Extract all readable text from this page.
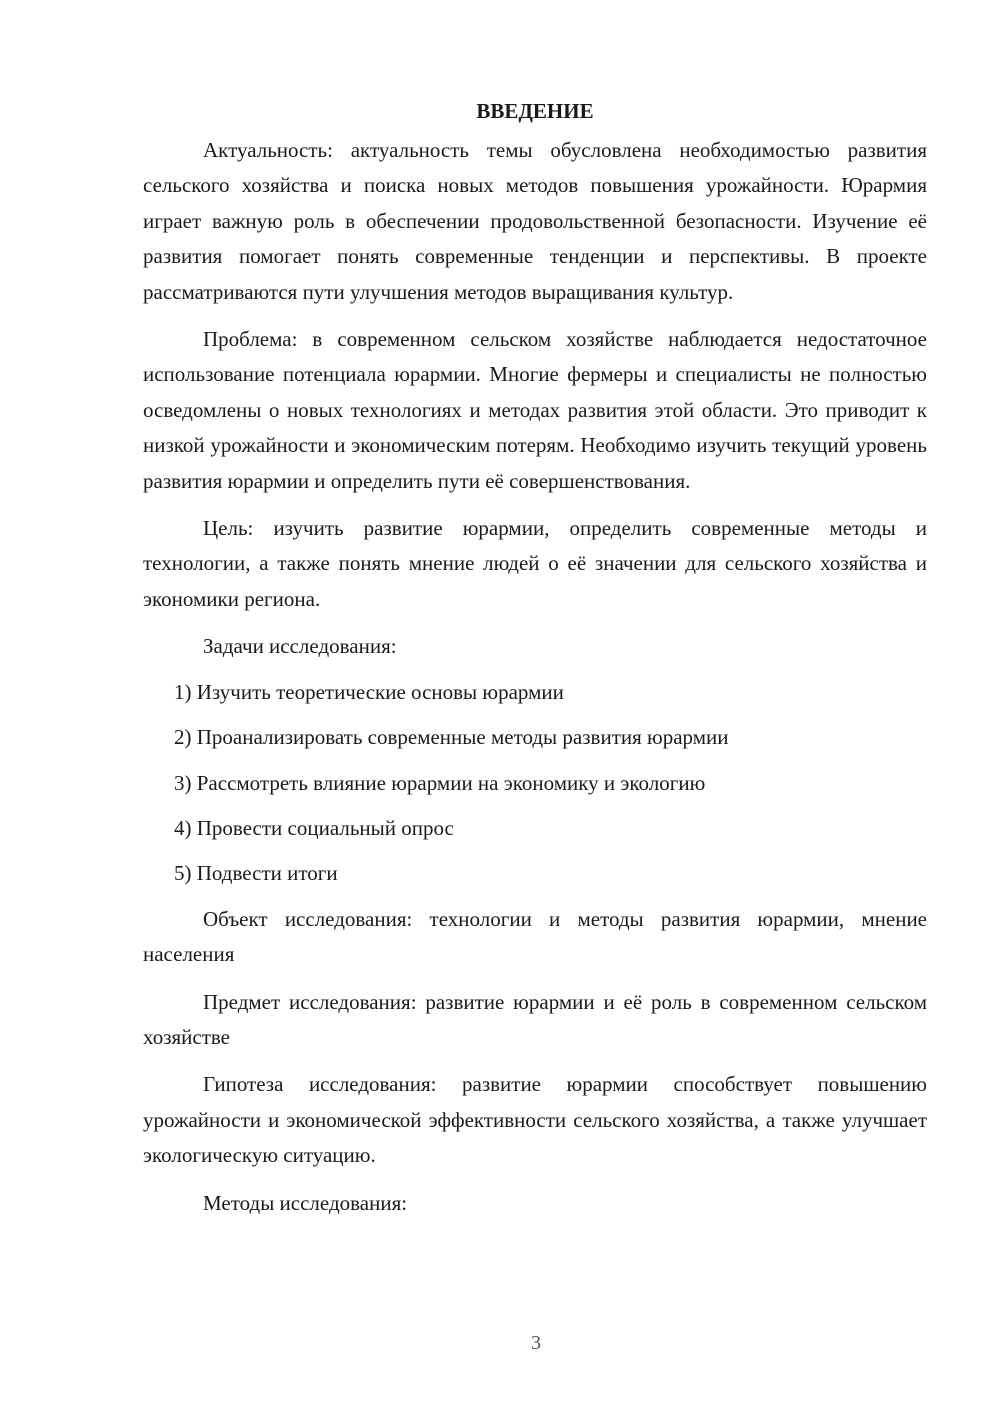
ВВЕДЕНИЕ

Актуальность: актуальность темы обусловлена необходимостью развития сельского хозяйства и поиска новых методов повышения урожайности. Юрармия играет важную роль в обеспечении продовольственной безопасности. Изучение её развития помогает понять современные тенденции и перспективы. В проекте рассматриваются пути улучшения методов выращивания культур.

Проблема: в современном сельском хозяйстве наблюдается недостаточное использование потенциала юрармии. Многие фермеры и специалисты не полностью осведомлены о новых технологиях и методах развития этой области. Это приводит к низкой урожайности и экономическим потерям. Необходимо изучить текущий уровень развития юрармии и определить пути её совершенствования.

Цель: изучить развитие юрармии, определить современные методы и технологии, а также понять мнение людей о её значении для сельского хозяйства и экономики региона.

Задачи исследования:

1) Изучить теоретические основы юрармии
2) Проанализировать современные методы развития юрармии
3) Рассмотреть влияние юрармии на экономику и экологию
4) Провести социальный опрос
5) Подвести итоги

Объект исследования: технологии и методы развития юрармии, мнение населения

Предмет исследования: развитие юрармии и её роль в современном сельском хозяйстве

Гипотеза исследования: развитие юрармии способствует повышению урожайности и экономической эффективности сельского хозяйства, а также улучшает экологическую ситуацию.

Методы исследования:

3
